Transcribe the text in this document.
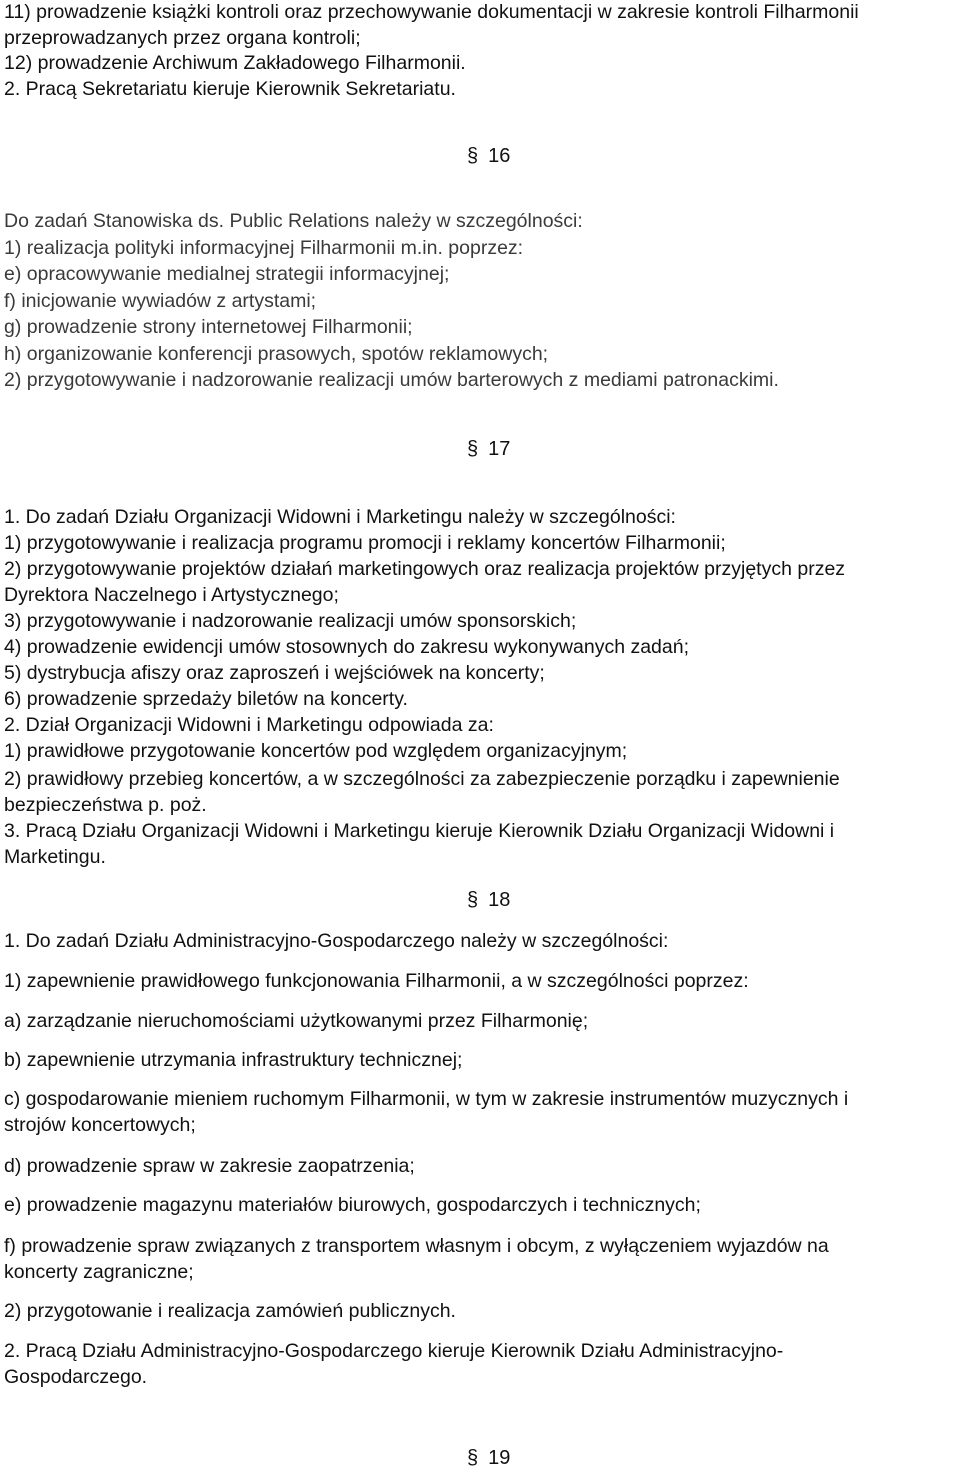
11) prowadzenie książki kontroli oraz przechowywanie dokumentacji w zakresie kontroli Filharmonii
przeprowadzanych przez organa kontroli;
12) prowadzenie Archiwum Zakładowego Filharmonii.
2. Pracą Sekretariatu kieruje Kierownik Sekretariatu.
§ 16
Do zadań Stanowiska ds. Public Relations należy w szczególności:
1) realizacja polityki informacyjnej Filharmonii m.in. poprzez:
e) opracowywanie medialnej strategii informacyjnej;
f) inicjowanie wywiadów z artystami;
g) prowadzenie strony internetowej Filharmonii;
h) organizowanie konferencji prasowych, spotów reklamowych;
2) przygotowywanie i nadzorowanie realizacji umów barterowych z mediami patronackimi.
§ 17
1. Do zadań Działu Organizacji Widowni i Marketingu należy w szczególności:
1) przygotowywanie i realizacja programu promocji i reklamy koncertów Filharmonii;
2) przygotowywanie projektów działań marketingowych oraz realizacja projektów przyjętych przez
Dyrektora Naczelnego i Artystycznego;
3) przygotowywanie i nadzorowanie realizacji umów sponsorskich;
4) prowadzenie ewidencji umów stosownych do zakresu wykonywanych zadań;
5) dystrybucja afiszy oraz zaproszeń i wejściówek na koncerty;
6) prowadzenie sprzedaży biletów na koncerty.
2. Dział Organizacji Widowni i Marketingu odpowiada za:
1) prawidłowe przygotowanie koncertów pod względem organizacyjnym;
2) prawidłowy przebieg koncertów, a w szczególności za zabezpieczenie porządku i zapewnienie
bezpieczeństwa p. poż.
3. Pracą Działu Organizacji Widowni i Marketingu kieruje Kierownik Działu Organizacji Widowni i
Marketingu.
§ 18
1. Do zadań Działu Administracyjno-Gospodarczego należy w szczególności:
1) zapewnienie prawidłowego funkcjonowania Filharmonii, a w szczególności poprzez:
a) zarządzanie nieruchomościami użytkowanymi przez Filharmonię;
b) zapewnienie utrzymania infrastruktury technicznej;
c) gospodarowanie mieniem ruchomym Filharmonii, w tym w zakresie instrumentów muzycznych i
strojów koncertowych;
d) prowadzenie spraw w zakresie zaopatrzenia;
e) prowadzenie magazynu materiałów biurowych, gospodarczych i technicznych;
f) prowadzenie spraw związanych z transportem własnym i obcym, z wyłączeniem wyjazdów na
koncerty zagraniczne;
2) przygotowanie i realizacja zamówień publicznych.
2. Pracą Działu Administracyjno-Gospodarczego kieruje Kierownik Działu Administracyjno-
Gospodarczego.
§ 19
